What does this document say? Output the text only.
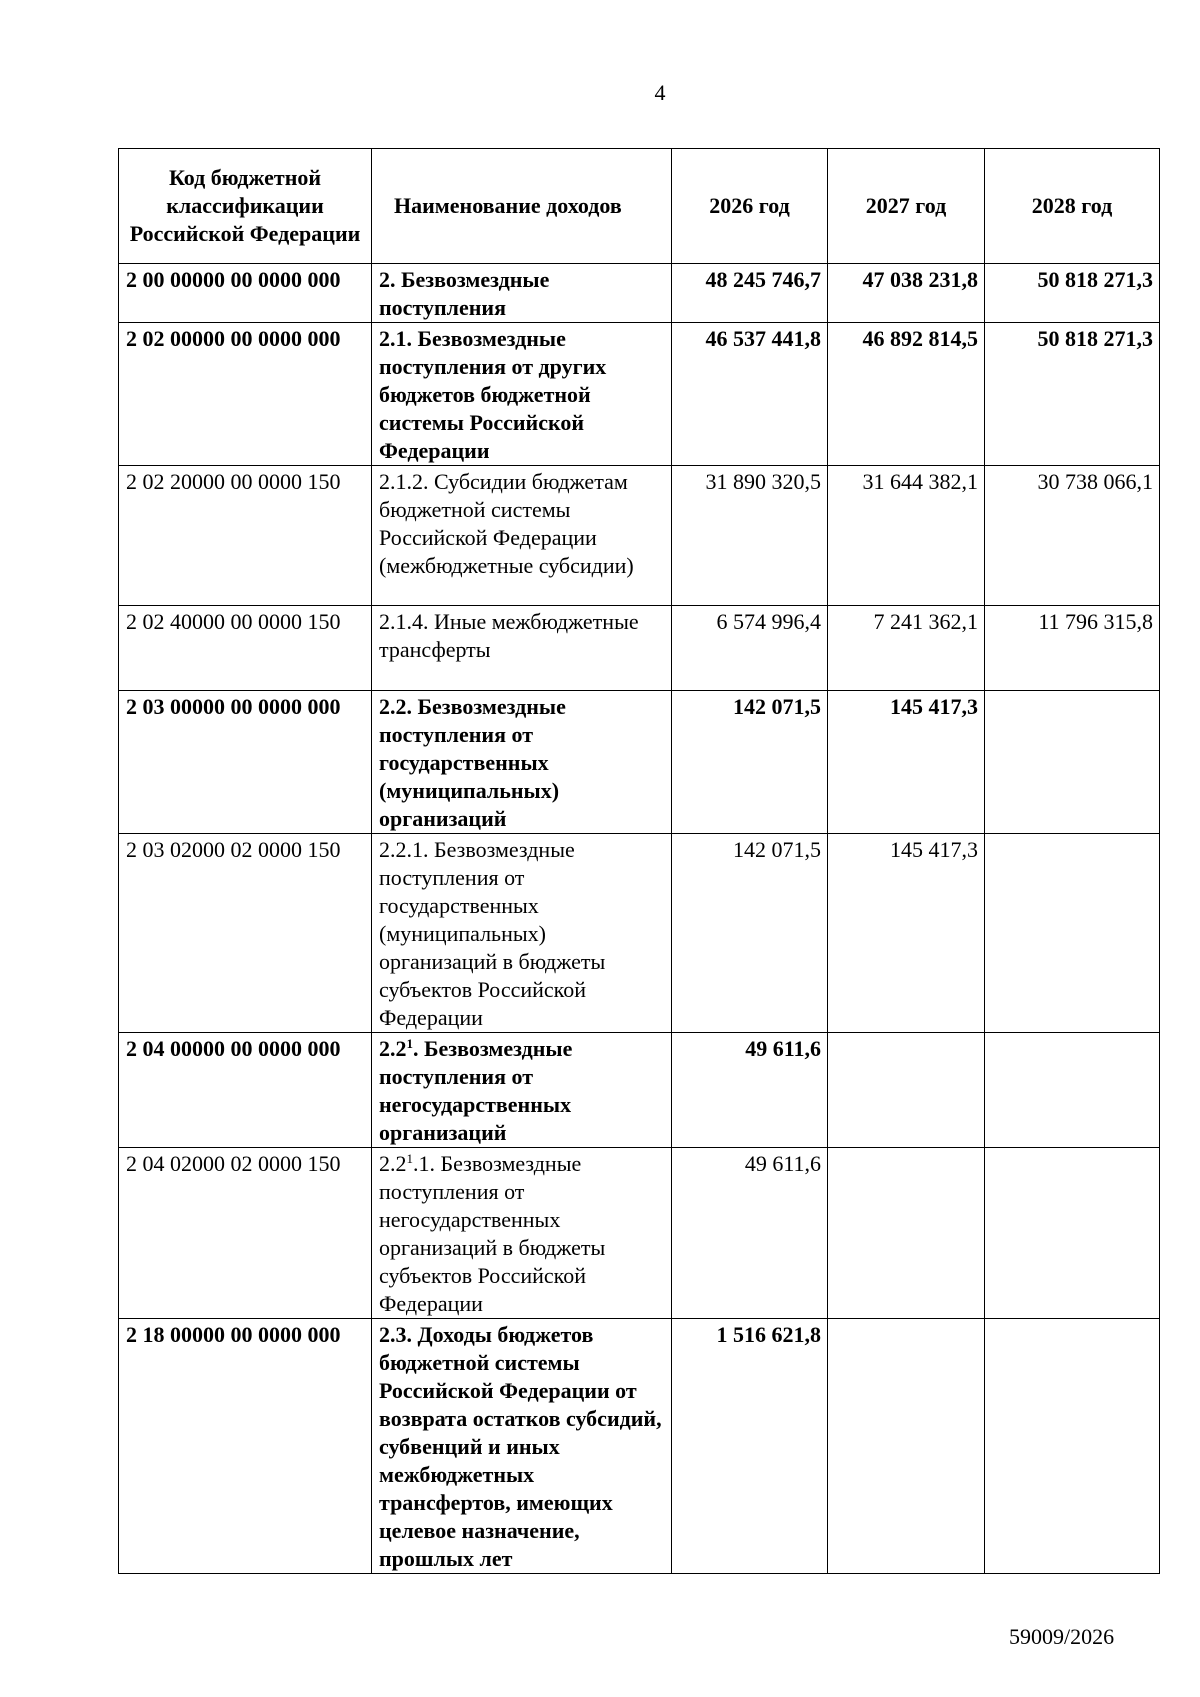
4
Код бюджетной классификации Российской Федерации	Наименование доходов	2026 год	2027 год	2028 год
2 00 00000 00 0000 000	2. Безвозмездные поступления	48 245 746,7	47 038 231,8	50 818 271,3
2 02 00000 00 0000 000	2.1. Безвозмездные поступления от других бюджетов бюджетной системы Российской Федерации	46 537 441,8	46 892 814,5	50 818 271,3
2 02 20000 00 0000 150	2.1.2. Субсидии бюджетам бюджетной системы Российской Федерации (межбюджетные субсидии)	31 890 320,5	31 644 382,1	30 738 066,1
2 02 40000 00 0000 150	2.1.4. Иные межбюджетные трансферты	6 574 996,4	7 241 362,1	11 796 315,8
2 03 00000 00 0000 000	2.2. Безвозмездные поступления от государственных (муниципальных) организаций	142 071,5	145 417,3	
2 03 02000 02 0000 150	2.2.1. Безвозмездные поступления от государственных (муниципальных) организаций в бюджеты субъектов Российской Федерации	142 071,5	145 417,3	
2 04 00000 00 0000 000	$2.2^1$. Безвозмездные поступления от негосударственных организаций	49 611,6		
2 04 02000 02 0000 150	$2.2^1.1$. Безвозмездные поступления от негосударственных организаций в бюджеты субъектов Российской Федерации	49 611,6		
2 18 00000 00 0000 000	2.3. Доходы бюджетов бюджетной системы Российской Федерации от возврата остатков субсидий, субвенций и иных межбюджетных трансфертов, имеющих целевое назначение, прошлых лет	1 516 621,8		
59009/2026
